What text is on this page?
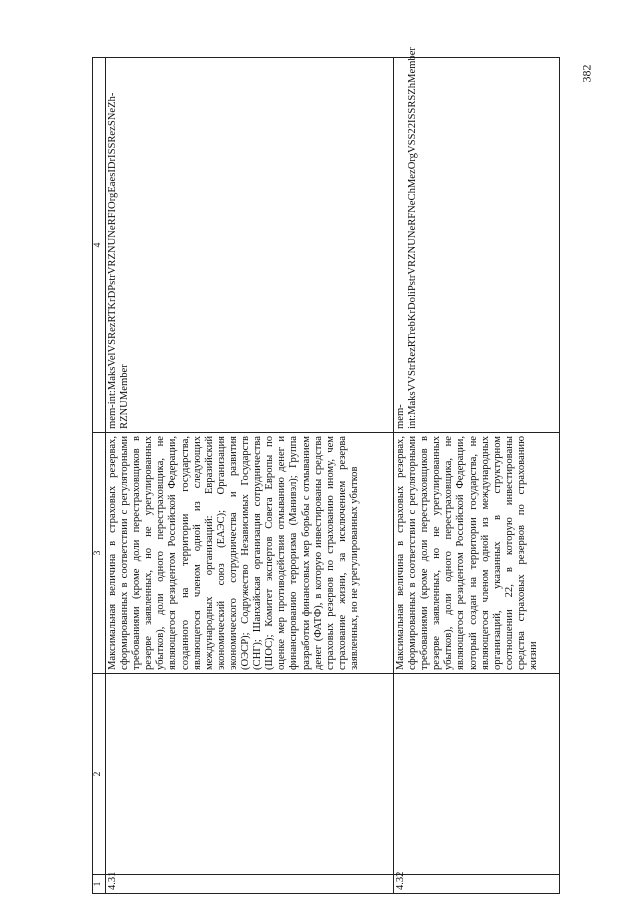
1	2	3	4
4.31		Максимальная величина в страховых резервах, сформированных в соответствии с регуляторными требованиями (кроме доли перестраховщиков в резерве заявленных, но не урегулированных убытков), доли одного перестраховщика, не являющегося резидентом Российской Федерации, созданного на территории государства, являющегося членом одной из следующих международных организаций: Евразийский экономический союз (ЕАЭС); Организация экономического сотрудничества и развития (ОЭСР); Содружество Независимых Государств (СНГ); Шанхайская организация сотрудничества (ШОС); Комитет экспертов Совета Европы по оценке мер противодействия отмыванию денег и финансированию терроризма (Манивэл); Группа разработки финансовых мер борьбы с отмыванием денег (ФАТФ), в которую инвестированы средства страховых резервов по страхованию иному, чем страхование жизни, за исключением резерва заявленных, но не урегулированных убытков	mem-int:MaksVelVSRezRTKrDPstrVRZNUNeRFIOrgEaesIDrISSRezSNeZh-RZNUMember
4.32		Максимальная величина в страховых резервах, сформированных в соответствии с регуляторными требованиями (кроме доли перестраховщиков в резерве заявленных, но не урегулированных убытков), доли одного перестраховщика, не являющегося резидентом Российской Федерации, который создан на территории государства, не являющегося членом одной из международных организаций, указанных в структурном соотношении 22, в которую инвестированы средства страховых резервов по страхованию жизни	mem-int:MaksVVStrRezRTrebKrDoliPstrVRZNUNeRFNeChMezOrgVSS22ISSRSZhMember	382
